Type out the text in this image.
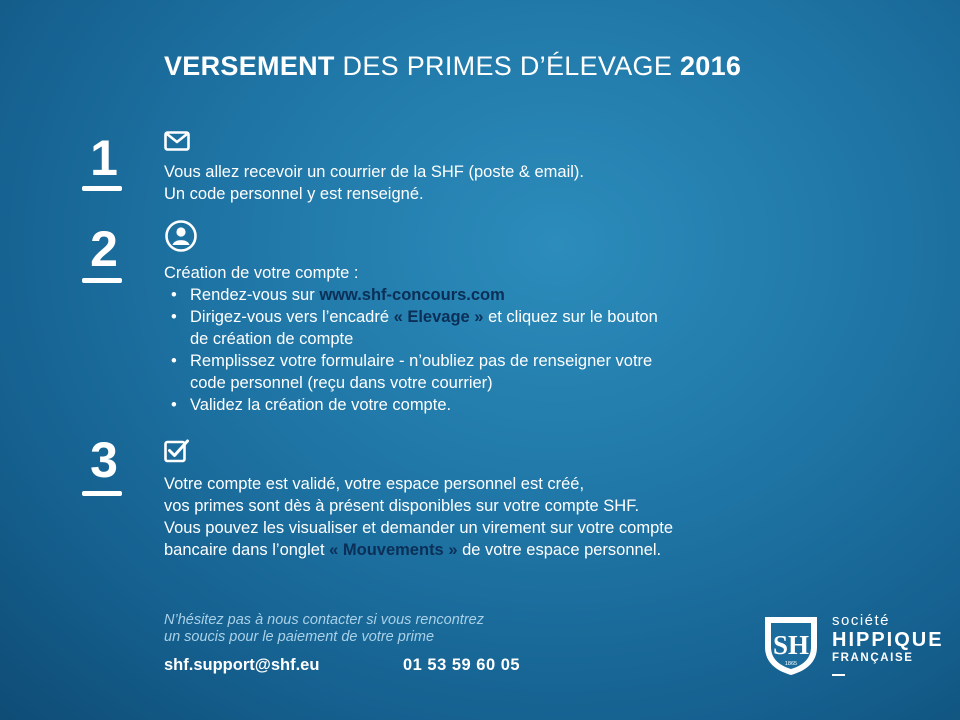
VERSEMENT DES PRIMES D’ÉLEVAGE 2016
1	Vous allez recevoir un courrier de la SHF (poste & email).

Un code personnel y est renseigné.

2	Création de votre compte :

• Rendez-vous sur www.shf-concours.com
• Dirigez-vous vers l’encadré « Elevage » et cliquez sur le bouton
de création de compte
• Remplissez votre formulaire - n’oubliez pas de renseigner votre
code personnel (reçu dans votre courrier)
• Validez la création de votre compte.
3	Votre compte est validé, votre espace personnel est créé,

vos primes sont dès à présent disponibles sur votre compte SHF.

Vous pouvez les visualiser et demander un virement sur votre compte

bancaire dans l’onglet « Mouvements » de votre espace personnel.

N’hésitez pas à nous contacter si vous rencontrez

un soucis pour le paiement de votre prime

shf.support@shf.eu	01 53 59 60 05
SH
1865
société
HIPPIQUE
FRANÇAISE
